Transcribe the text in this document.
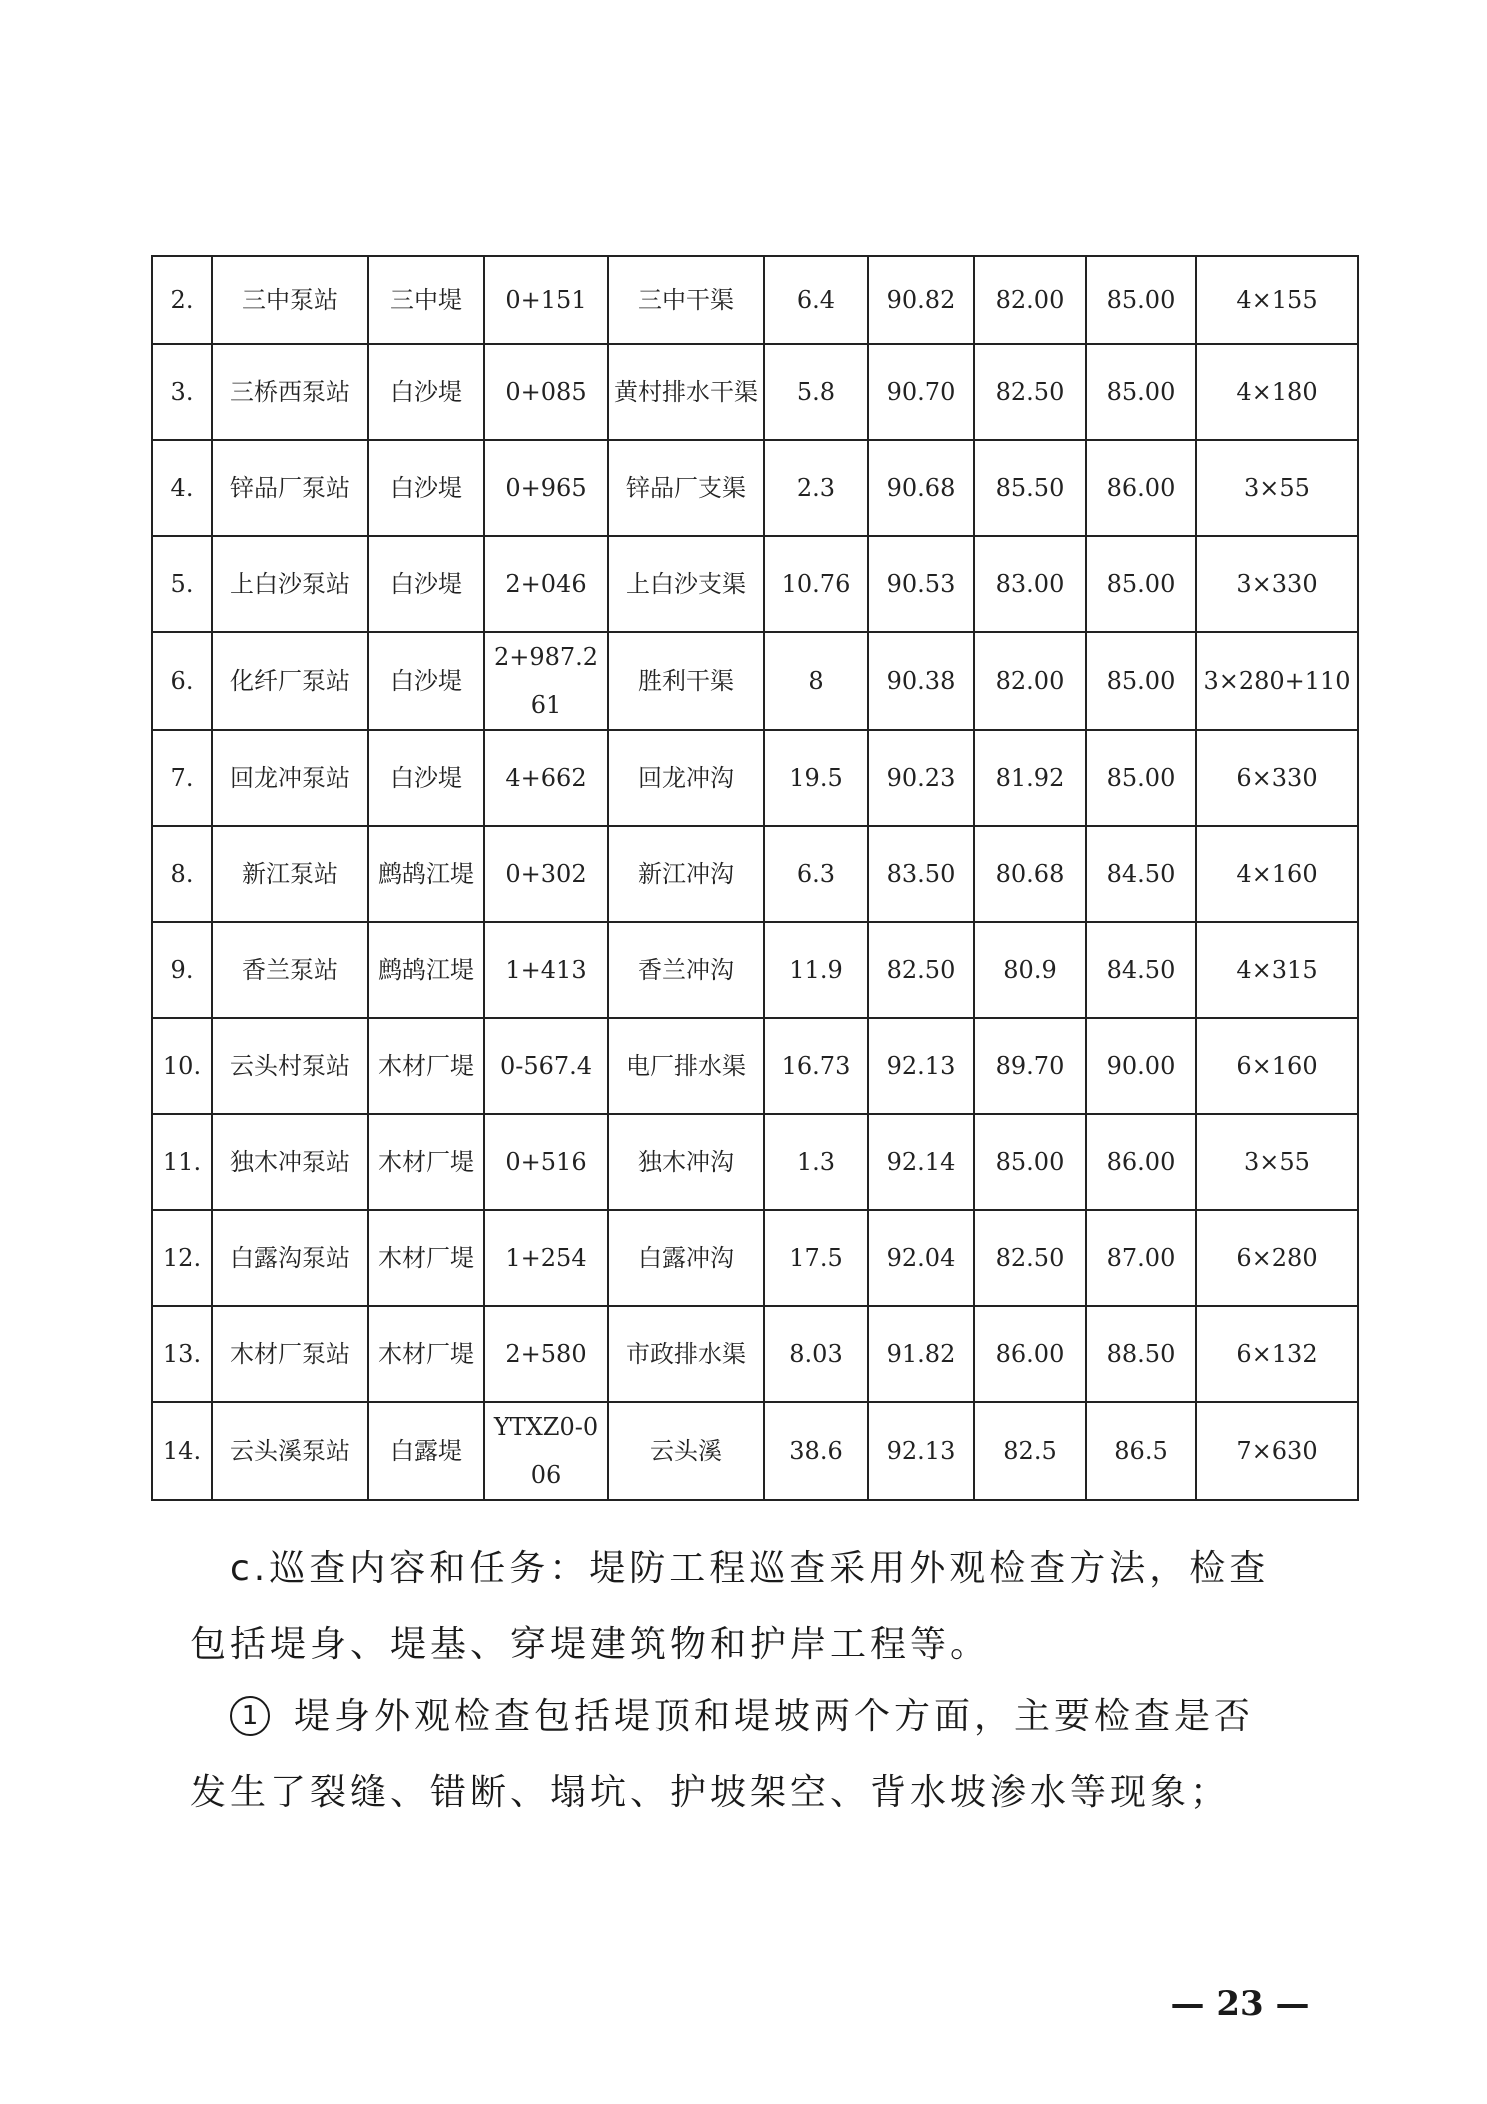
2.	三中泵站	三中堤	0+151	三中干渠	6.4	90.82	82.00	85.00	4×155
3.	三桥西泵站	白沙堤	0+085	黄村排水干渠	5.8	90.70	82.50	85.00	4×180
4.	锌品厂泵站	白沙堤	0+965	锌品厂支渠	2.3	90.68	85.50	86.00	3×55
5.	上白沙泵站	白沙堤	2+046	上白沙支渠	10.76	90.53	83.00	85.00	3×330
6.	化纤厂泵站	白沙堤	2+987.261	胜利干渠	8	90.38	82.00	85.00	3×280+110
7.	回龙冲泵站	白沙堤	4+662	回龙冲沟	19.5	90.23	81.92	85.00	6×330
8.	新江泵站	鹧鸪江堤	0+302	新江冲沟	6.3	83.50	80.68	84.50	4×160
9.	香兰泵站	鹧鸪江堤	1+413	香兰冲沟	11.9	82.50	80.9	84.50	4×315
10.	云头村泵站	木材厂堤	0-567.4	电厂排水渠	16.73	92.13	89.70	90.00	6×160
11.	独木冲泵站	木材厂堤	0+516	独木冲沟	1.3	92.14	85.00	86.00	3×55
12.	白露沟泵站	木材厂堤	1+254	白露冲沟	17.5	92.04	82.50	87.00	6×280
13.	木材厂泵站	木材厂堤	2+580	市政排水渠	8.03	91.82	86.00	88.50	6×132
14.	云头溪泵站	白露堤	YTXZ0-006	云头溪	38.6	92.13	82.5	86.5	7×630
c.巡查内容和任务：堤防工程巡查采用外观检查方法，检查
包括堤身、堤基、穿堤建筑物和护岸工程等。
1 堤身外观检查包括堤顶和堤坡两个方面，主要检查是否
发生了裂缝、错断、塌坑、护坡架空、背水坡渗水等现象；
— 23 —
